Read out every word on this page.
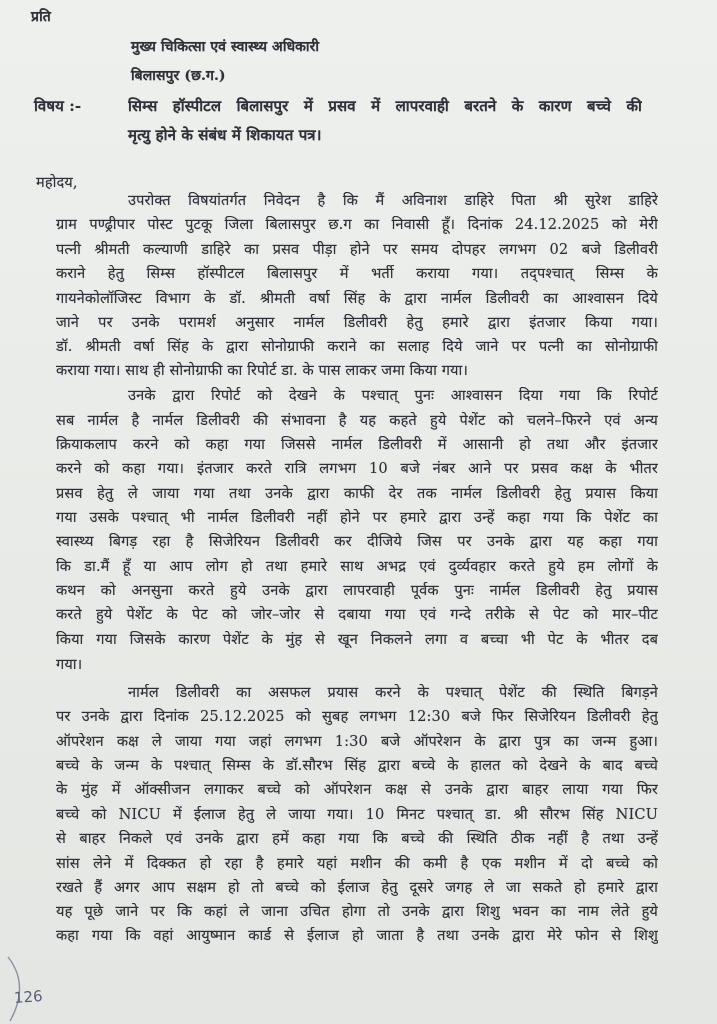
प्रति
मुख्य चिकित्सा एवं स्वास्थ्य अधिकारी
बिलासपुर (छ.ग.)
विषय :-	सिम्स हॉस्पीटल बिलासपुर में प्रसव में लापरवाही बरतने के कारण बच्चे की
मृत्यु होने के संबंध में शिकायत पत्र।
महोदय,
उपरोक्त विषयांतर्गत निवेदन है कि मैं अविनाश डाहिरे पिता श्री सुरेश डाहिरे
ग्राम पण्ढ्रीपार पोस्ट पुटकू जिला बिलासपुर छ.ग का निवासी हूँ। दिनांक 24.12.2025 को मेरी
पत्नी श्रीमती कल्याणी डाहिरे का प्रसव पीड़ा होने पर समय दोपहर लगभग 02 बजे डिलीवरी
कराने हेतु सिम्स हॉस्पीटल बिलासपुर में भर्ती कराया गया। तद्पश्चात् सिम्स के
गायनेकोलॉजिस्ट विभाग के डॉ. श्रीमती वर्षा सिंह के द्वारा नार्मल डिलीवरी का आश्वासन दिये
जाने पर उनके परामर्श अनुसार नार्मल डिलीवरी हेतु हमारे द्वारा इंतजार किया गया।
डॉ. श्रीमती वर्षा सिंह के द्वारा सोनोग्राफी कराने का सलाह दिये जाने पर पत्नी का सोनोग्राफी
कराया गया। साथ ही सोनोग्राफी का रिपोर्ट डा. के पास लाकर जमा किया गया।
उनके द्वारा रिपोर्ट को देखने के पश्चात् पुनः आश्वासन दिया गया कि रिपोर्ट
सब नार्मल है नार्मल डिलीवरी की संभावना है यह कहते हुये पेशेंट को चलने–फिरने एवं अन्य
क्रियाकलाप करने को कहा गया जिससे नार्मल डिलीवरी में आसानी हो तथा और इंतजार
करने को कहा गया। इंतजार करते रात्रि लगभग 10 बजे नंबर आने पर प्रसव कक्ष के भीतर
प्रसव हेतु ले जाया गया तथा उनके द्वारा काफी देर तक नार्मल डिलीवरी हेतु प्रयास किया
गया उसके पश्चात् भी नार्मल डिलीवरी नहीं होने पर हमारे द्वारा उन्हें कहा गया कि पेशेंट का
स्वास्थ्य बिगड़ रहा है सिजेरियन डिलीवरी कर दीजिये जिस पर उनके द्वारा यह कहा गया
कि डा.मैं हूँ या आप लोग हो तथा हमारे साथ अभद्र एवं दुर्व्यवहार करते हुये हम लोगों के
कथन को अनसुना करते हुये उनके द्वारा लापरवाही पूर्वक पुनः नार्मल डिलीवरी हेतु प्रयास
करते हुये पेशेंट के पेट को जोर–जोर से दबाया गया एवं गन्दे तरीके से पेट को मार–पीट
किया गया जिसके कारण पेशेंट के मुंह से खून निकलने लगा व बच्चा भी पेट के भीतर दब
गया।
नार्मल डिलीवरी का असफल प्रयास करने के पश्चात् पेशेंट की स्थिति बिगड़ने
पर उनके द्वारा दिनांक 25.12.2025 को सुबह लगभग 12:30 बजे फिर सिजेरियन डिलीवरी हेतु
ऑपरेशन कक्ष ले जाया गया जहां लगभग 1:30 बजे ऑपरेशन के द्वारा पुत्र का जन्म हुआ।
बच्चे के जन्म के पश्चात् सिम्स के डॉ.सौरभ सिंह द्वारा बच्चे के हालत को देखने के बाद बच्चे
के मुंह में ऑक्सीजन लगाकर बच्चे को ऑपरेशन कक्ष से उनके द्वारा बाहर लाया गया फिर
बच्चे को NICU में ईलाज हेतु ले जाया गया। 10 मिनट पश्चात् डा. श्री सौरभ सिंह NICU
से बाहर निकले एवं उनके द्वारा हमें कहा गया कि बच्चे की स्थिति ठीक नहीं है तथा उन्हें
सांस लेने में दिक्कत हो रहा है हमारे यहां मशीन की कमी है एक मशीन में दो बच्चे को
रखते हैं अगर आप सक्षम हो तो बच्चे को ईलाज हेतु दूसरे जगह ले जा सकते हो हमारे द्वारा
यह पूछे जाने पर कि कहां ले जाना उचित होगा तो उनके द्वारा शिशु भवन का नाम लेते हुये
कहा गया कि वहां आयुष्मान कार्ड से ईलाज हो जाता है तथा उनके द्वारा मेरे फोन से शिशु
126
